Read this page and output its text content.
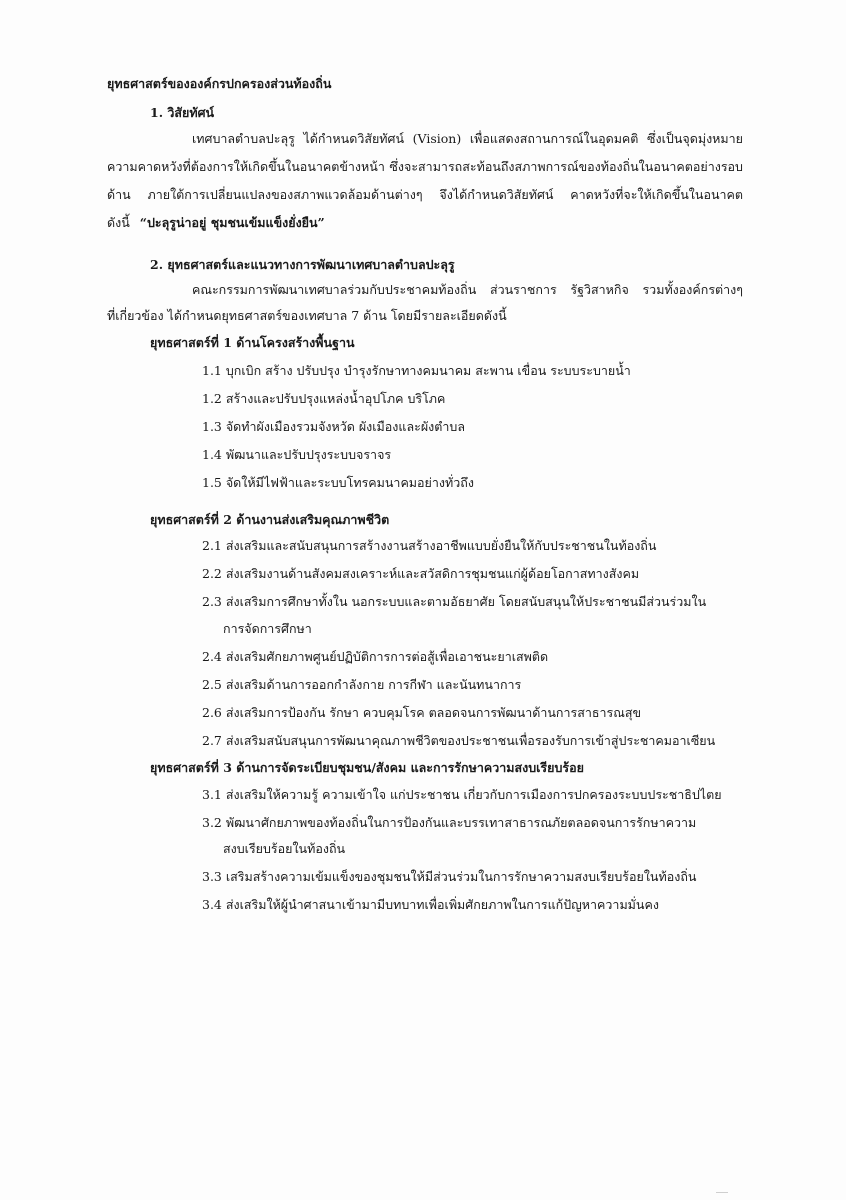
ยุทธศาสตร์ขององค์กรปกครองส่วนท้องถิ่น
1. วิสัยทัศน์
เทศบาลตำบลปะลุรู ได้กำหนดวิสัยทัศน์ (Vision) เพื่อแสดงสถานการณ์ในอุดมคติ ซึ่งเป็นจุดมุ่งหมาย
ความคาดหวังที่ต้องการให้เกิดขึ้นในอนาคตข้างหน้า ซึ่งจะสามารถสะท้อนถึงสภาพการณ์ของท้องถิ่นในอนาคตอย่างรอบ
ด้าน ภายใต้การเปลี่ยนแปลงของสภาพแวดล้อมด้านต่างๆ จึงได้กำหนดวิสัยทัศน์ คาดหวังที่จะให้เกิดขึ้นในอนาคต
ดังนี้ “ปะลุรูน่าอยู่ ชุมชนเข้มแข็งยั่งยืน”
2. ยุทธศาสตร์และแนวทางการพัฒนาเทศบาลตำบลปะลุรู
คณะกรรมการพัฒนาเทศบาลร่วมกับประชาคมท้องถิ่น ส่วนราชการ รัฐวิสาหกิจ รวมทั้งองค์กรต่างๆ
ที่เกี่ยวข้อง ได้กำหนดยุทธศาสตร์ของเทศบาล 7 ด้าน โดยมีรายละเอียดดังนี้
ยุทธศาสตร์ที่ 1 ด้านโครงสร้างพื้นฐาน
1.1 บุกเบิก สร้าง ปรับปรุง บำรุงรักษาทางคมนาคม สะพาน เขื่อน ระบบระบายน้ำ
1.2 สร้างและปรับปรุงแหล่งน้ำอุปโภค บริโภค
1.3 จัดทำผังเมืองรวมจังหวัด ผังเมืองและผังตำบล
1.4 พัฒนาและปรับปรุงระบบจราจร
1.5 จัดให้มีไฟฟ้าและระบบโทรคมนาคมอย่างทั่วถึง
ยุทธศาสตร์ที่ 2 ด้านงานส่งเสริมคุณภาพชีวิต
2.1 ส่งเสริมและสนับสนุนการสร้างงานสร้างอาชีพแบบยั่งยืนให้กับประชาชนในท้องถิ่น
2.2 ส่งเสริมงานด้านสังคมสงเคราะห์และสวัสดิการชุมชนแก่ผู้ด้อยโอกาสทางสังคม
2.3 ส่งเสริมการศึกษาทั้งใน นอกระบบและตามอัธยาศัย โดยสนับสนุนให้ประชาชนมีส่วนร่วมใน
การจัดการศึกษา
2.4 ส่งเสริมศักยภาพศูนย์ปฏิบัติการการต่อสู้เพื่อเอาชนะยาเสพติด
2.5 ส่งเสริมด้านการออกกำลังกาย การกีฬา และนันทนาการ
2.6 ส่งเสริมการป้องกัน รักษา ควบคุมโรค ตลอดจนการพัฒนาด้านการสาธารณสุข
2.7 ส่งเสริมสนับสนุนการพัฒนาคุณภาพชีวิตของประชาชนเพื่อรองรับการเข้าสู่ประชาคมอาเซียน
ยุทธศาสตร์ที่ 3 ด้านการจัดระเบียบชุมชน/สังคม และการรักษาความสงบเรียบร้อย
3.1 ส่งเสริมให้ความรู้ ความเข้าใจ แก่ประชาชน เกี่ยวกับการเมืองการปกครองระบบประชาธิปไตย
3.2 พัฒนาศักยภาพของท้องถิ่นในการป้องกันและบรรเทาสาธารณภัยตลอดจนการรักษาความ
สงบเรียบร้อยในท้องถิ่น
3.3 เสริมสร้างความเข้มแข็งของชุมชนให้มีส่วนร่วมในการรักษาความสงบเรียบร้อยในท้องถิ่น
3.4 ส่งเสริมให้ผู้นำศาสนาเข้ามามีบทบาทเพื่อเพิ่มศักยภาพในการแก้ปัญหาความมั่นคง
